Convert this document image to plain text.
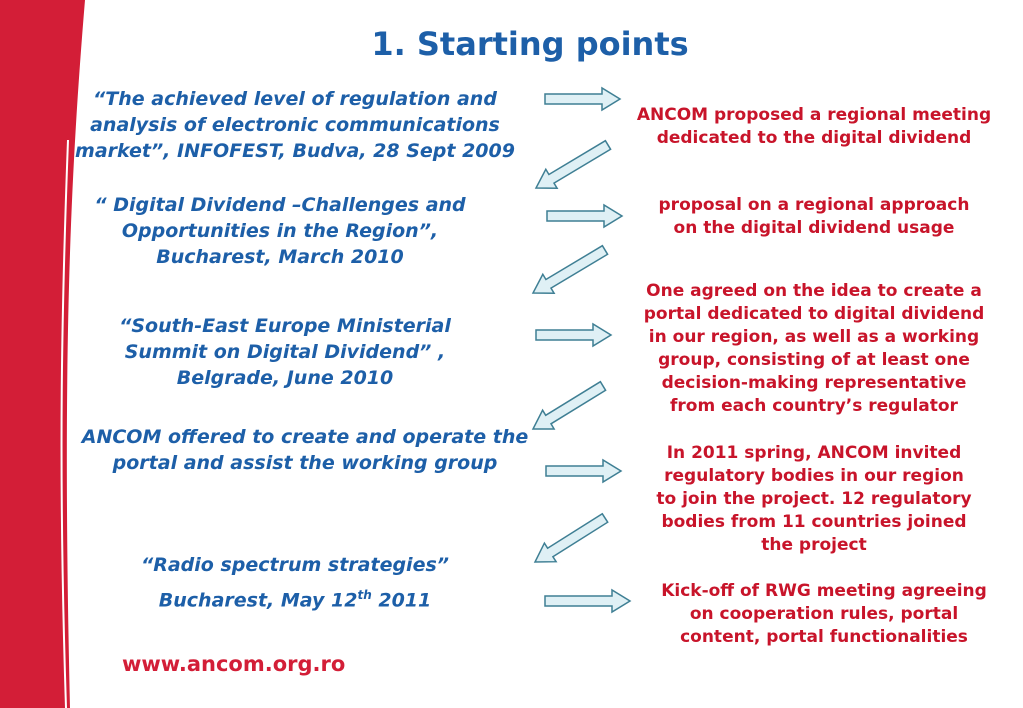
1. Starting points
“The achieved level of regulation and
analysis of electronic communications
market”, INFOFEST, Budva, 28 Sept 2009
“ Digital Dividend –Challenges and
Opportunities in the Region”,
Bucharest, March 2010
“South-East Europe Ministerial
Summit on Digital Dividend” ,
Belgrade, June 2010
ANCOM offered to create and operate the
portal and assist the working group
“Radio spectrum strategies”
Bucharest, May 12th 2011
ANCOM proposed a regional meeting
dedicated to the digital dividend
proposal on a regional approach
on the digital dividend usage
One agreed on the idea to create a
portal dedicated to digital dividend
in our region, as well as a working
group, consisting of at least one
decision-making representative
from each country’s regulator
In 2011 spring, ANCOM invited
regulatory bodies in our region
to join the project. 12 regulatory
bodies from 11 countries joined
the project
Kick-off of RWG meeting agreeing
on cooperation rules, portal
content, portal functionalities
www.ancom.org.ro
